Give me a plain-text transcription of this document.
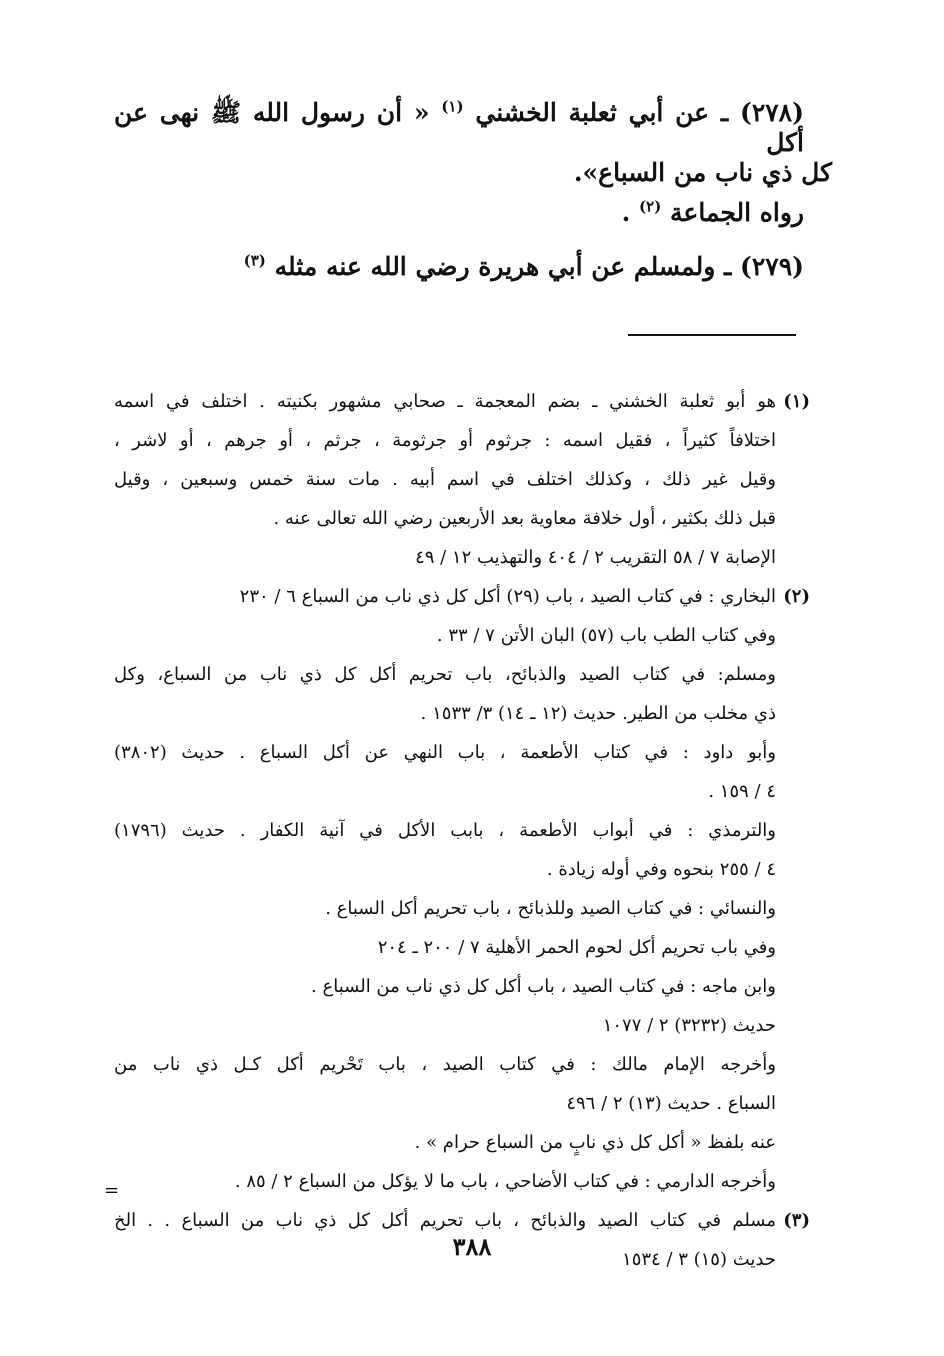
(٢٧٨) ـ عن أبي ثعلبة الخشني $^{(١)}$ « أن رسول الله ﷺ نهى عن أكل
كل ذي ناب من السباع».
رواه الجماعة $^{(٢)}$ .
(٢٧٩) ـ ولمسلم عن أبي هريرة رضي الله عنه مثله $^{(٣)}$
(١)
هو أبو ثعلبة الخشني ـ بضم المعجمة ـ صحابي مشهور بكنيته . اختلف في اسمه
اختلافاً كثيراً ، فقيل اسمه : جرثوم أو جرثومة ، جرثم ، أو جرهم ، أو لاشر ،
وقيل غير ذلك ، وكذلك اختلف في اسم أبيه . مات سنة خمس وسبعين ، وقيل
قبل ذلك بكثير ، أول خلافة معاوية بعد الأربعين رضي الله تعالى عنه .
الإصابة ٧ / ٥٨ التقريب ٢ / ٤٠٤ والتهذيب ١٢ / ٤٩
(٢)
البخاري : في كتاب الصيد ، باب (٢٩) أكل كل ذي ناب من السباع ٦ / ٢٣٠
وفي كتاب الطب باب (٥٧) البان الأتن ٧ / ٣٣ .
ومسلم: في كتاب الصيد والذبائح، باب تحريم أكل كل ذي ناب من السباع، وكل
ذي مخلب من الطير. حديث (١٢ ـ ١٤) ٣/ ١٥٣٣ .
وأبو داود : في كتاب الأطعمة ، باب النهي عن أكل السباع . حديث (٣٨٠٢)
٤ / ١٥٩ .
والترمذي : في أبواب الأطعمة ، بابب الأكل في آنية الكفار . حديث (١٧٩٦)
٤ / ٢٥٥ بنحوه وفي أوله زيادة .
والنسائي : في كتاب الصيد وللذبائح ، باب تحريم أكل السباع .
وفي باب تحريم أكل لحوم الحمر الأهلية ٧ / ٢٠٠ ـ ٢٠٤
وابن ماجه : في كتاب الصيد ، باب أكل كل ذي ناب من السباع .
حديث (٣٢٣٢) ٢ / ١٠٧٧
وأخرجه الإمام مالك : في كتاب الصيد ، باب تَحْريم أكل كـل ذي ناب من
السباع . حديث (١٣) ٢ / ٤٩٦
عنه بلفظ « أكل كل ذي نابٍ من السباع حرام » .
وأخرجه الدارمي : في كتاب الأضاحي ، باب ما لا يؤكل من السباع ٢ / ٨٥ .
(٣)
مسلم في كتاب الصيد والذبائح ، باب تحريم أكل كل ذي ناب من السباع . . الخ
حديث (١٥) ٣ / ١٥٣٤
=
٣٨٨
